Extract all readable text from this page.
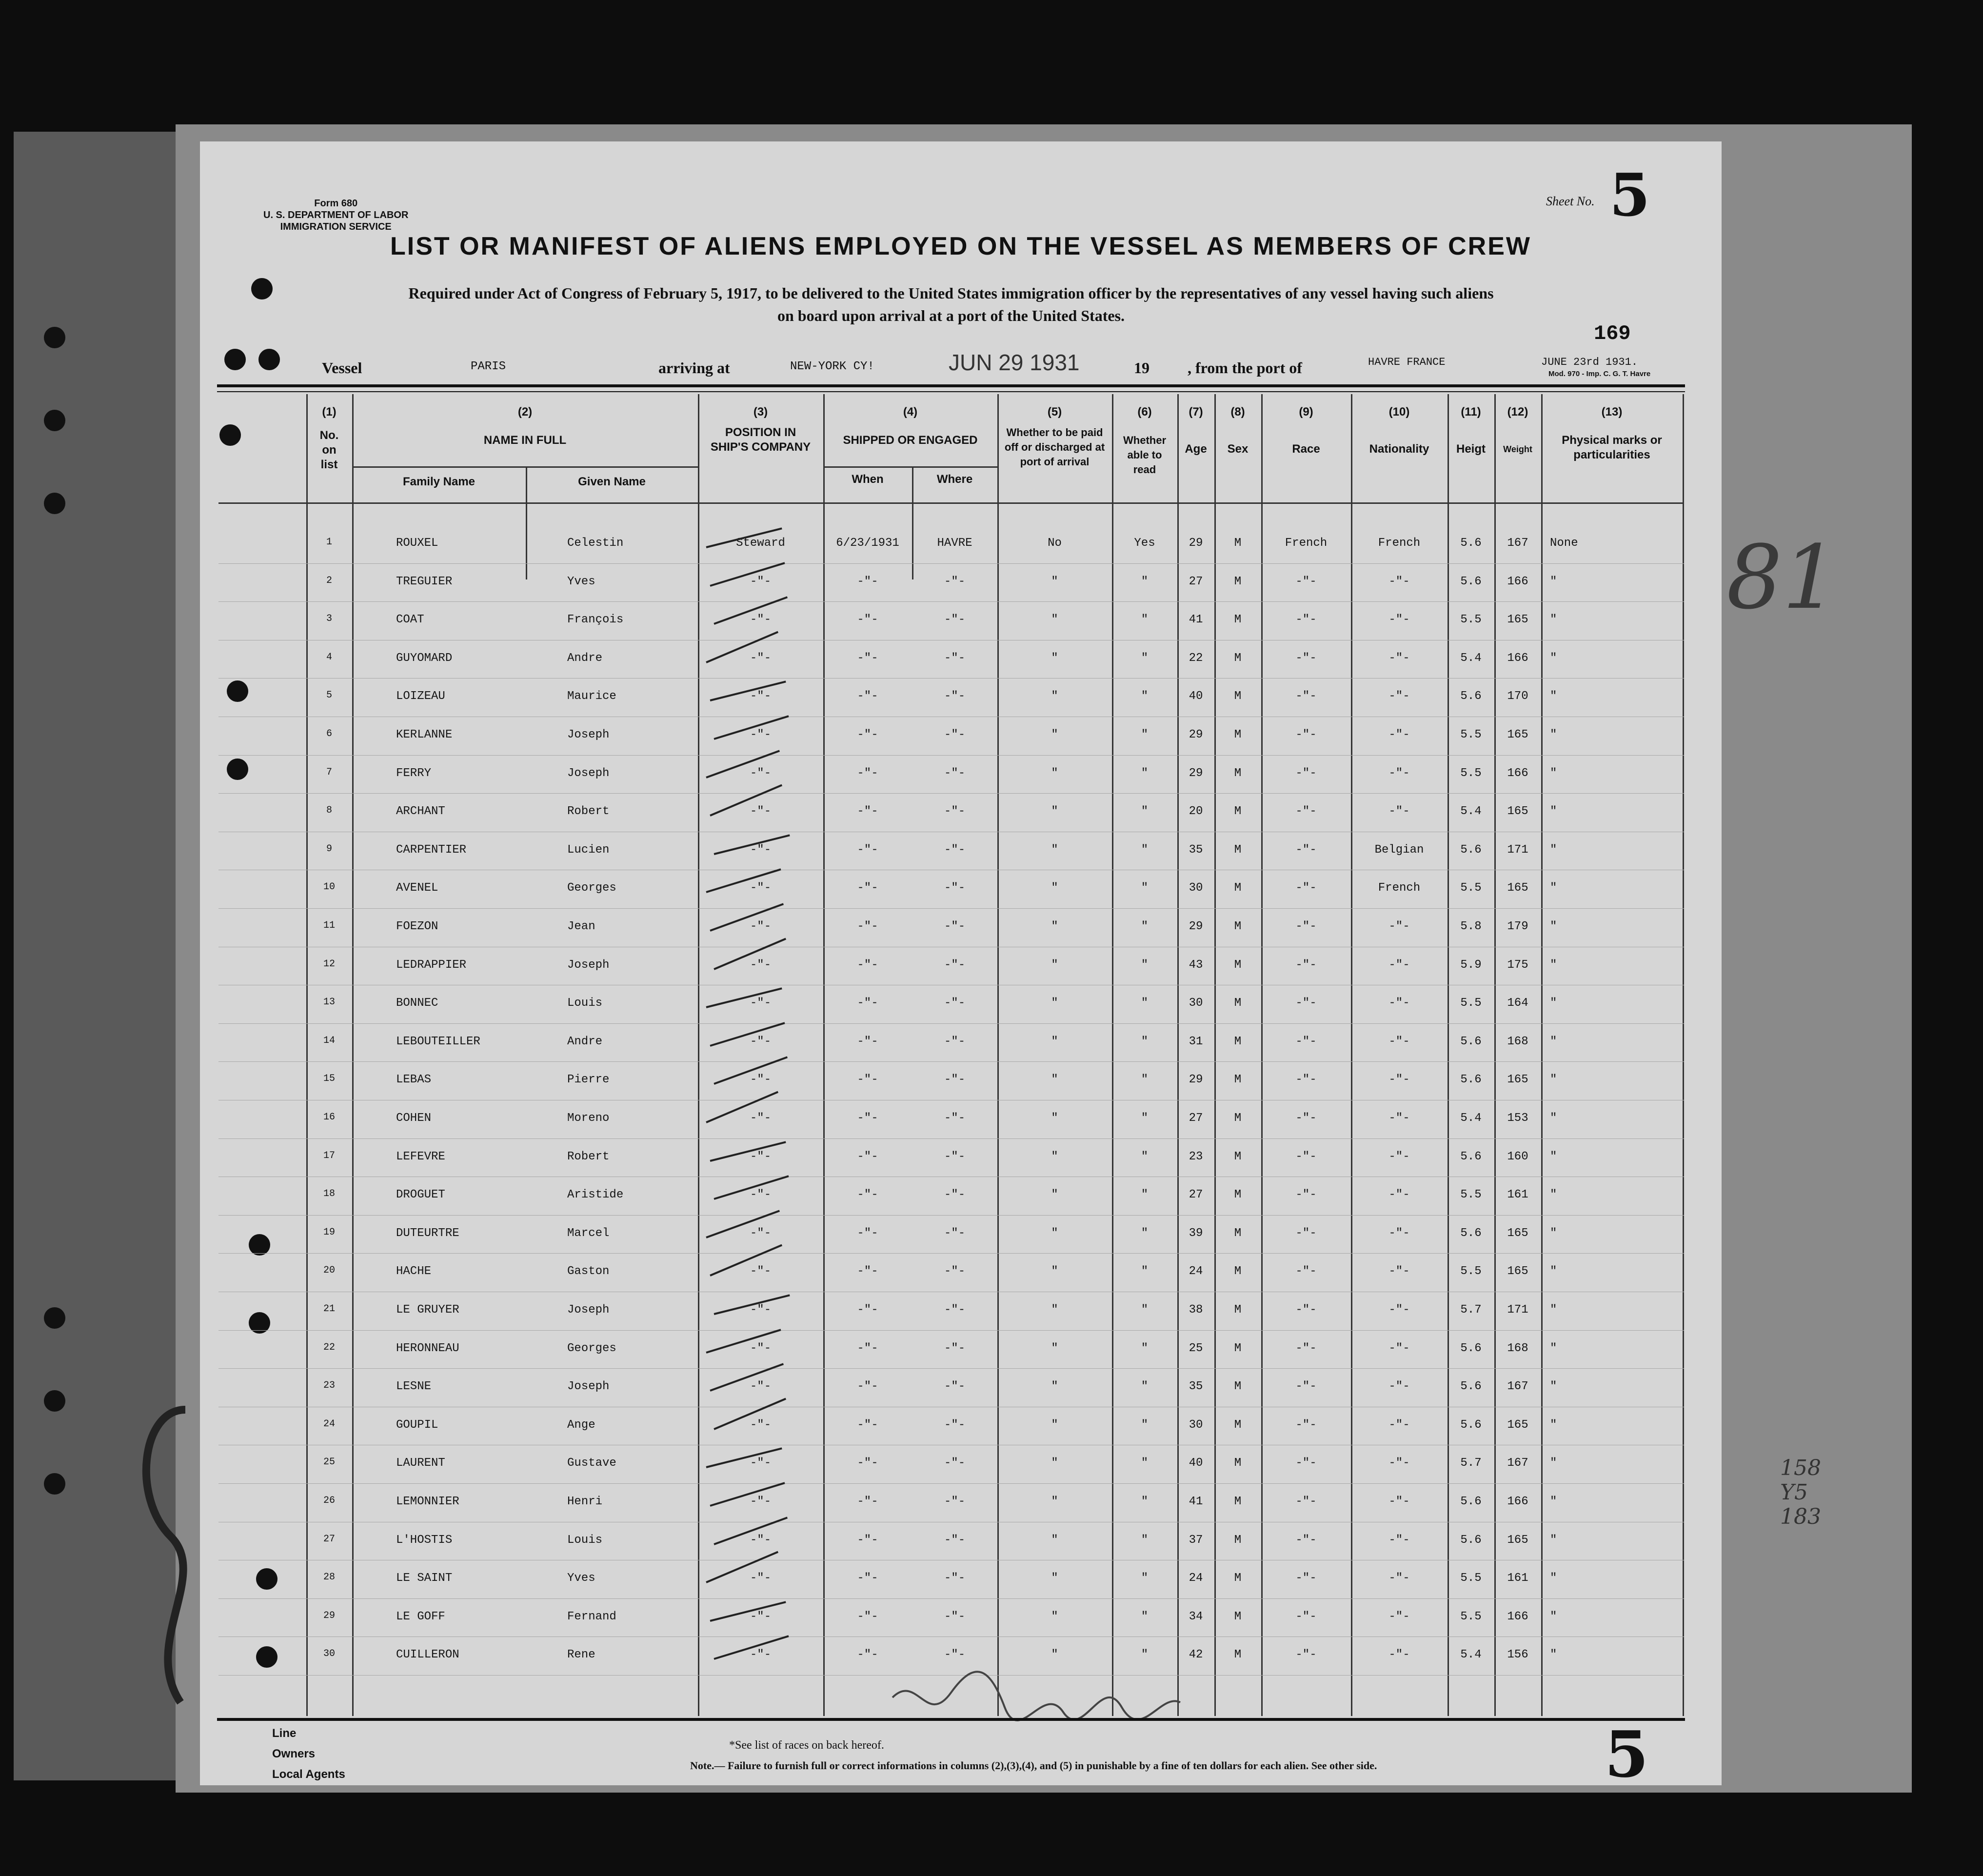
Form 680
U. S. DEPARTMENT OF LABOR
IMMIGRATION SERVICE
Sheet No. 5
LIST OR MANIFEST OF ALIENS EMPLOYED ON THE VESSEL AS MEMBERS OF CREW
Required under Act of Congress of February 5, 1917, to be delivered to the United States immigration officer by the representatives of any vessel having such aliens
on board upon arrival at a port of the United States.
169
Vessel	PARIS	arriving at	NEW-YORK CY!	JUN 29 1931	19 , from the port of	HAVRE FRANCE	JUNE 23rd 1931.
Mod. 970 - Imp. C. G. T. Havre
(1)
No. on list
(2)
NAME IN FULL
Family Name	Given Name
(3)
POSITION IN SHIP'S COMPANY
(4)
SHIPPED OR ENGAGED
When	Where
(5)
Whether to be paid off or discharged at port of arrival
(6)
Whether able to read
(7)
Age
(8)
Sex
(9)
Race
(10)
Nationality
(11)
Heigt
(12)
Weight
(13)
Physical marks or particularities
1	ROUXEL	Celestin	Steward	6/23/1931	HAVRE	No	Yes	29	M	French	French	5.6	167	None
2	TREGUIER	Yves	-"-	-"-	-"-	"	"	27	M	-"-	-"-	5.6	166	"
3	COAT	François	-"-	-"-	-"-	"	"	41	M	-"-	-"-	5.5	165	"
4	GUYOMARD	Andre	-"-	-"-	-"-	"	"	22	M	-"-	-"-	5.4	166	"
5	LOIZEAU	Maurice	-"-	-"-	-"-	"	"	40	M	-"-	-"-	5.6	170	"
6	KERLANNE	Joseph	-"-	-"-	-"-	"	"	29	M	-"-	-"-	5.5	165	"
7	FERRY	Joseph	-"-	-"-	-"-	"	"	29	M	-"-	-"-	5.5	166	"
8	ARCHANT	Robert	-"-	-"-	-"-	"	"	20	M	-"-	-"-	5.4	165	"
9	CARPENTIER	Lucien	-"-	-"-	-"-	"	"	35	M	-"-	Belgian	5.6	171	"
10	AVENEL	Georges	-"-	-"-	-"-	"	"	30	M	-"-	French	5.5	165	"
11	FOEZON	Jean	-"-	-"-	-"-	"	"	29	M	-"-	-"-	5.8	179	"
12	LEDRAPPIER	Joseph	-"-	-"-	-"-	"	"	43	M	-"-	-"-	5.9	175	"
13	BONNEC	Louis	-"-	-"-	-"-	"	"	30	M	-"-	-"-	5.5	164	"
14	LEBOUTEILLER	Andre	-"-	-"-	-"-	"	"	31	M	-"-	-"-	5.6	168	"
15	LEBAS	Pierre	-"-	-"-	-"-	"	"	29	M	-"-	-"-	5.6	165	"
16	COHEN	Moreno	-"-	-"-	-"-	"	"	27	M	-"-	-"-	5.4	153	"
17	LEFEVRE	Robert	-"-	-"-	-"-	"	"	23	M	-"-	-"-	5.6	160	"
18	DROGUET	Aristide	-"-	-"-	-"-	"	"	27	M	-"-	-"-	5.5	161	"
19	DUTEURTRE	Marcel	-"-	-"-	-"-	"	"	39	M	-"-	-"-	5.6	165	"
20	HACHE	Gaston	-"-	-"-	-"-	"	"	24	M	-"-	-"-	5.5	165	"
21	LE GRUYER	Joseph	-"-	-"-	-"-	"	"	38	M	-"-	-"-	5.7	171	"
22	HERONNEAU	Georges	-"-	-"-	-"-	"	"	25	M	-"-	-"-	5.6	168	"
23	LESNE	Joseph	-"-	-"-	-"-	"	"	35	M	-"-	-"-	5.6	167	"
24	GOUPIL	Ange	-"-	-"-	-"-	"	"	30	M	-"-	-"-	5.6	165	"
25	LAURENT	Gustave	-"-	-"-	-"-	"	"	40	M	-"-	-"-	5.7	167	"
26	LEMONNIER	Henri	-"-	-"-	-"-	"	"	41	M	-"-	-"-	5.6	166	"
27	L'HOSTIS	Louis	-"-	-"-	-"-	"	"	37	M	-"-	-"-	5.6	165	"
28	LE SAINT	Yves	-"-	-"-	-"-	"	"	24	M	-"-	-"-	5.5	161	"
29	LE GOFF	Fernand	-"-	-"-	-"-	"	"	34	M	-"-	-"-	5.5	166	"
30	CUILLERON	Rene	-"-	-"-	-"-	"	"	42	M	-"-	-"-	5.4	156	"
81
158
Y5
183
Line
Owners
Local Agents
*See list of races on back hereof.
Note.— Failure to furnish full or correct informations in columns (2),(3),(4), and (5) in punishable by a fine of ten dollars for each alien. See other side.	5
